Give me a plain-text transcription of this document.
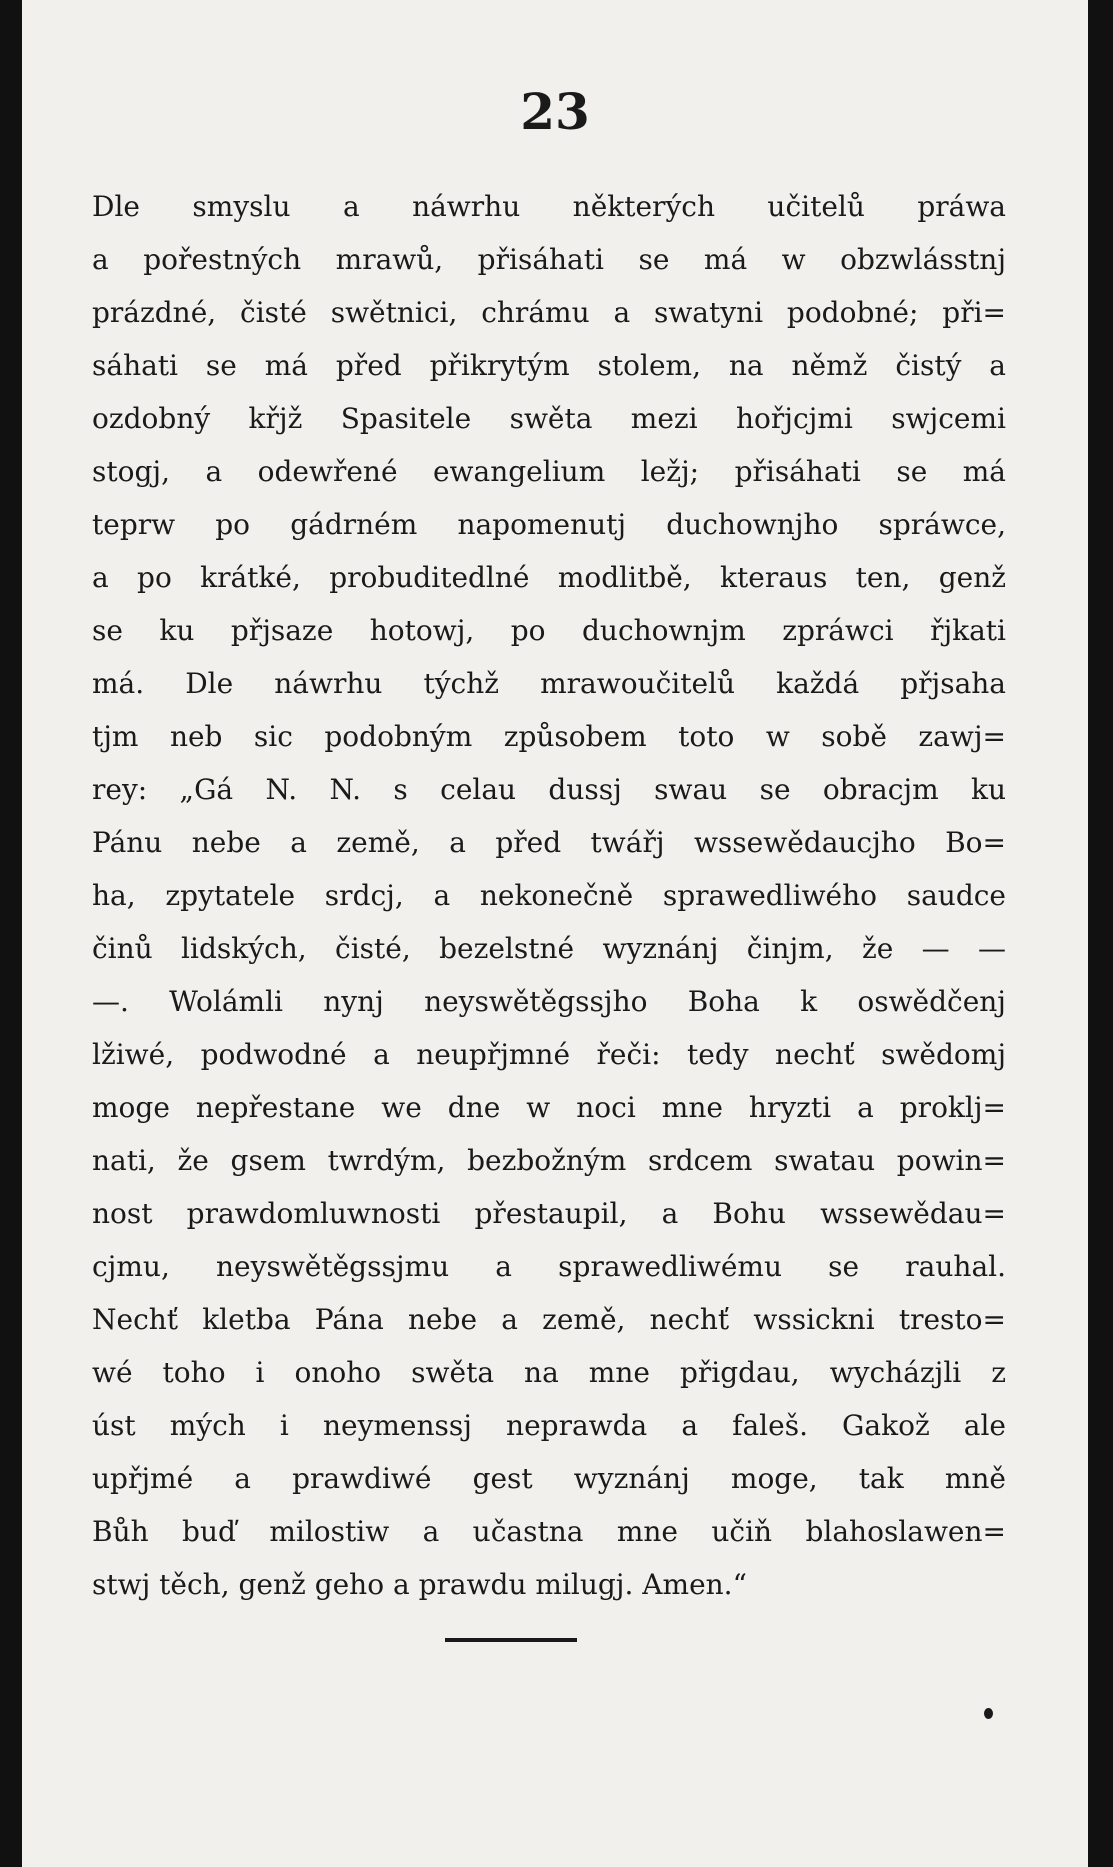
23
Dle smyslu a náwrhu některých učitelů práwa
a pořestných mrawů, přisáhati se má w obzwlásstnj
prázdné, čisté swětnici, chrámu a swatyni podobné; při=
sáhati se má před přikrytým stolem, na němž čistý a
ozdobný křjž Spasitele swěta mezi hořjcjmi swjcemi
stogj, a odewřené ewangelium ležj; přisáhati se má
teprw po gádrném napomenutj duchownjho spráwce,
a po krátké, probuditedlné modlitbě, kteraus ten, genž
se ku přjsaze hotowj, po duchownjm zpráwci řjkati
má. Dle náwrhu týchž mrawoučitelů každá přjsaha
tjm neb sic podobným způsobem toto w sobě zawj=
rey: „Gá N. N. s celau dussj swau se obracjm ku
Pánu nebe a země, a před twářj wssewědaucjho Bo=
ha, zpytatele srdcj, a nekonečně sprawedliwého saudce
činů lidských, čisté, bezelstné wyznánj činjm, že — —
—. Wolámli nynj neyswětěgssjho Boha k oswědčenj
lžiwé, podwodné a neupřjmné řeči: tedy nechť swědomj
moge nepřestane we dne w noci mne hryzti a proklj=
nati, že gsem twrdým, bezbožným srdcem swatau powin=
nost prawdomluwnosti přestaupil, a Bohu wssewědau=
cjmu, neyswětěgssjmu a sprawedliwému se rauhal.
Nechť kletba Pána nebe a země, nechť wssickni tresto=
wé toho i onoho swěta na mne přigdau, wycházjli z
úst mých i neymenssj neprawda a faleš. Gakož ale
upřjmé a prawdiwé gest wyznánj moge, tak mně
Bůh buď milostiw a učastna mne učiň blahoslawen=
stwj těch, genž geho a prawdu milugj. Amen.“
